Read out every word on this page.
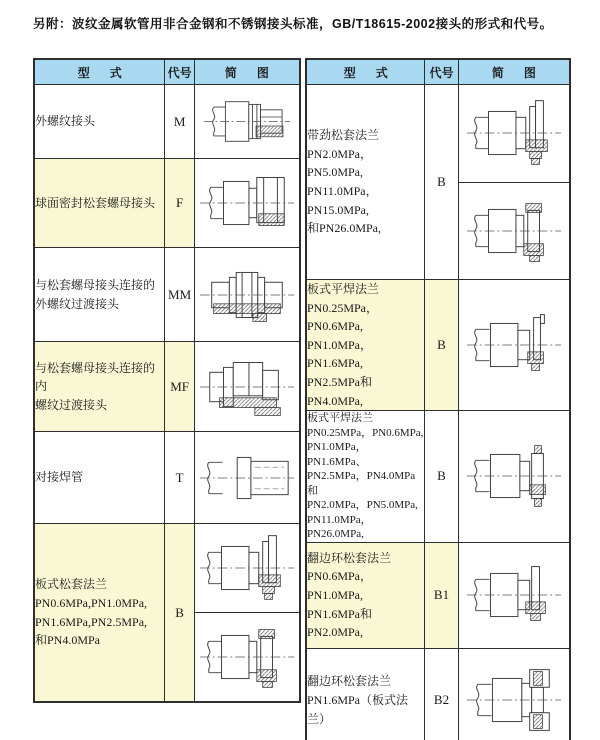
另附：波纹金属软管用非合金钢和不锈钢接头标准，GB/T18615-2002接头的形式和代号。
型      式	代号	简      图
外螺纹接头	M	

球面密封松套螺母接头	F	

与松套螺母接头连接的
外螺纹过渡接头	MM	

与松套螺母接头连接的内
螺纹过渡接头	MF	

对接焊管	T	

板式松套法兰
PN0.6MPa,PN1.0MPa,
PN1.6MPa,PN2.5MPa,
和PN4.0MPa	B	
型      式	代号	简      图
带劲松套法兰
PN2.0MPa，PN5.0MPa,
PN11.0MPa，PN15.0MPa,
和PN26.0MPa,	B	

板式平焊法兰
PN0.25MPa，PN0.6MPa,
PN1.0MPa，PN1.6MPa,
PN2.5MPa和PN4.0MPa,	B	

板式平焊法兰
PN0.25MPa，PN0.6MPa,
PN1.0MPa，PN1.6MPa、
PN2.5MPa，PN4.0MPa和
PN2.0MPa，PN5.0MPa,
PN11.0MPa，PN26.0MPa,	B	

翻边环松套法兰
PN0.6MPa，PN1.0MPa,
PN1.6MPa和PN2.0MPa,	B1	

翻边环松套法兰
PN1.6MPa（板式法兰）	B2	
